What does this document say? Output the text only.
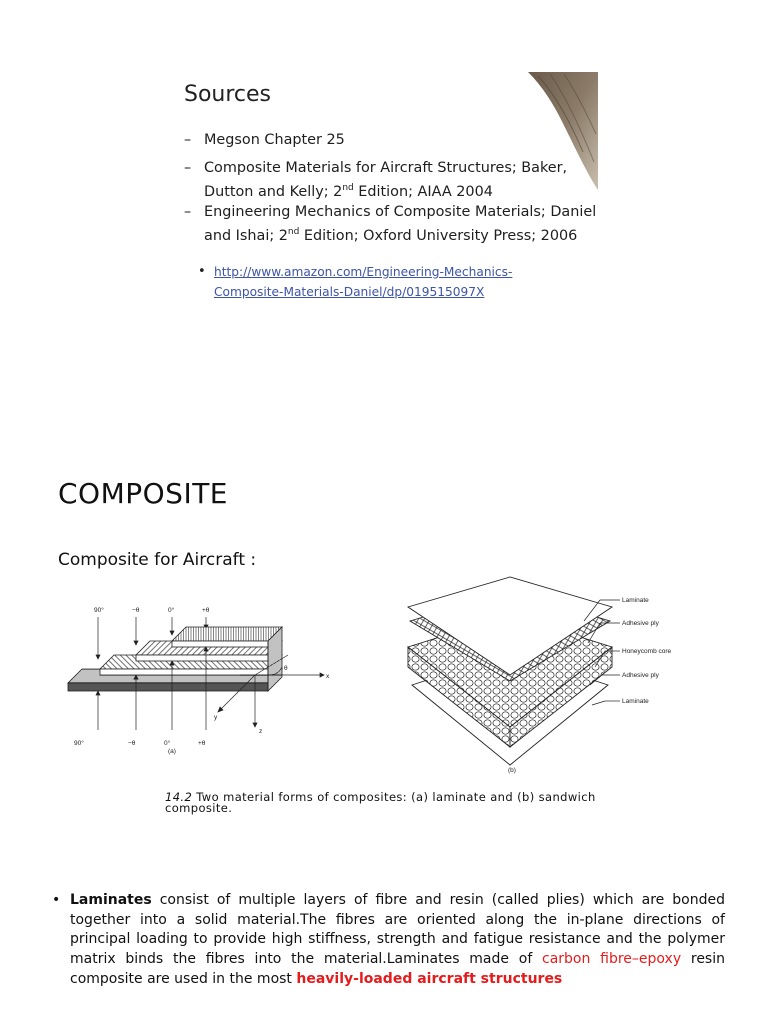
Sources
– Megson Chapter 25
– Composite Materials for Aircraft Structures; Baker, Dutton and Kelly; 2nd Edition; AIAA 2004
– Engineering Mechanics of Composite Materials; Daniel and Ishai; 2nd Edition; Oxford University Press; 2006
• http://www.amazon.com/Engineering-Mechanics-
Composite-Materials-Daniel/dp/019515097X
COMPOSITE
Composite for Aircraft :
90°	−θ	0°	+θ
x
y
z
θ
90°	−θ	0°	+θ
(a)
Laminate
Adhesive ply
Honeycomb core
Adhesive ply
Laminate
(b)
14.2 Two material forms of composites: (a) laminate and (b) sandwich composite.
• Laminates consist of multiple layers of fibre and resin (called plies) which are bonded together into a solid material.The fibres are oriented along the in-plane directions of principal loading to provide high stiffness, strength and fatigue resistance and the polymer matrix binds the fibres into the material.Laminates made of carbon fibre–epoxy resin composite are used in the most heavily-loaded aircraft structures
